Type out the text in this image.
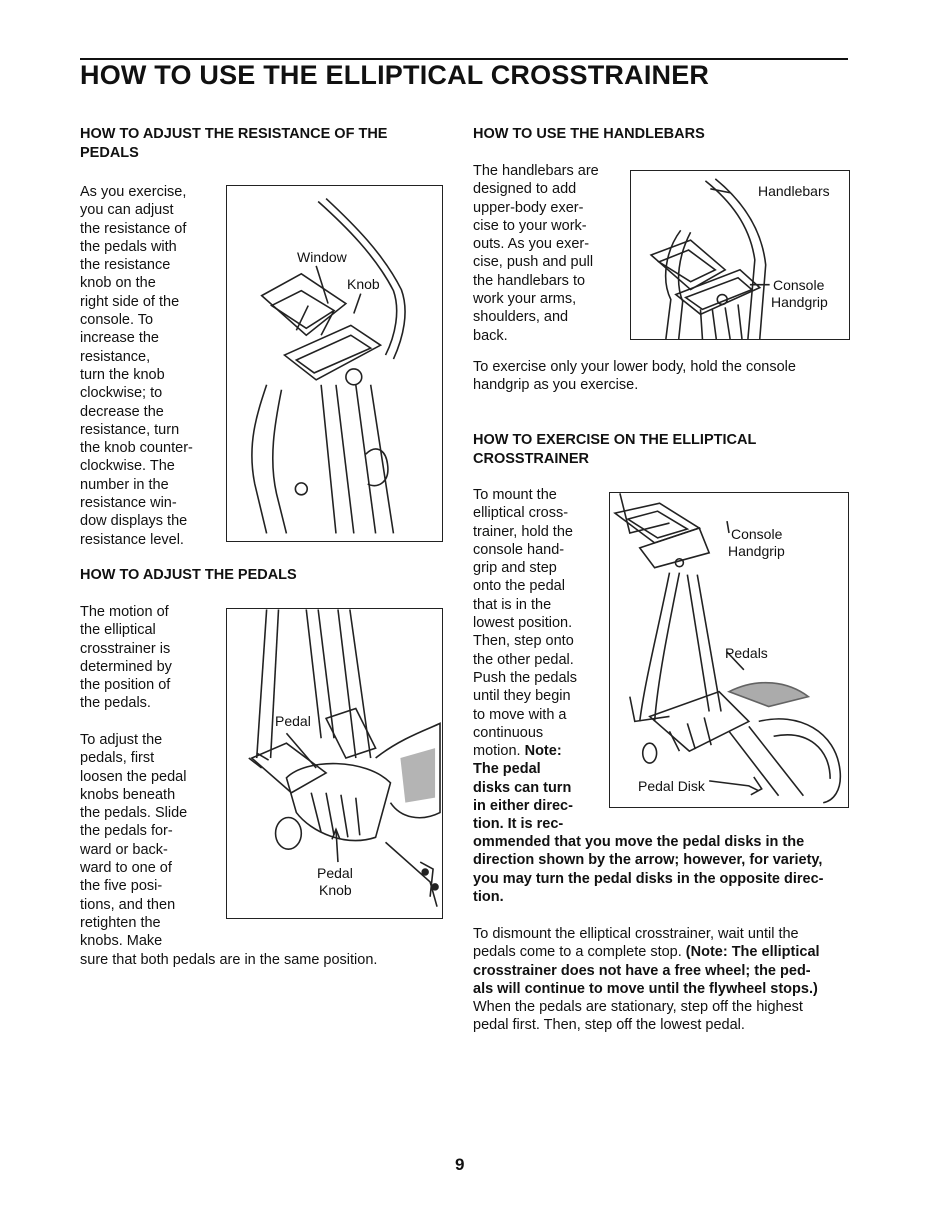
HOW TO USE THE ELLIPTICAL CROSSTRAINER
HOW TO ADJUST THE RESISTANCE OF THE PEDALS
As you exercise,
you can adjust
the resistance of
the pedals with
the resistance
knob on the
right side of the
console. To
increase the
resistance,
turn the knob
clockwise; to
decrease the
resistance, turn
the knob counter-
clockwise. The
number in the
resistance win-
dow displays the
resistance level.
Window
Knob
HOW TO ADJUST THE PEDALS
The motion of
the elliptical
crosstrainer is
determined by
the position of
the pedals.
To adjust the
pedals, first
loosen the pedal
knobs beneath
the pedals. Slide
the pedals for-
ward or back-
ward to one of
the five posi-
tions, and then
retighten the
knobs. Make
sure that both pedals are in the same position.
Pedal
Pedal
Knob
HOW TO USE THE HANDLEBARS
The handlebars are
designed to add
upper-body exer-
cise to your work-
outs. As you exer-
cise, push and pull
the handlebars to
work your arms,
shoulders, and
back.
Handlebars
Console
Handgrip
To exercise only your lower body, hold the console
handgrip as you exercise.
HOW TO EXERCISE ON THE ELLIPTICAL
CROSSTRAINER
To mount the
elliptical cross-
trainer, hold the
console hand-
grip and step
onto the pedal
that is in the
lowest position.
Then, step onto
the other pedal.
Push the pedals
until they begin
to move with a
continuous
motion. Note:
The pedal
disks can turn
in either direc-
tion. It is rec-
Console
Handgrip
Pedals
Pedal Disk
ommended that you move the pedal disks in the
direction shown by the arrow; however, for variety,
you may turn the pedal disks in the opposite direc-
tion.
To dismount the elliptical crosstrainer, wait until the
pedals come to a complete stop. (Note: The elliptical
crosstrainer does not have a free wheel; the ped-
als will continue to move until the flywheel stops.)
When the pedals are stationary, step off the highest
pedal first. Then, step off the lowest pedal.
9
